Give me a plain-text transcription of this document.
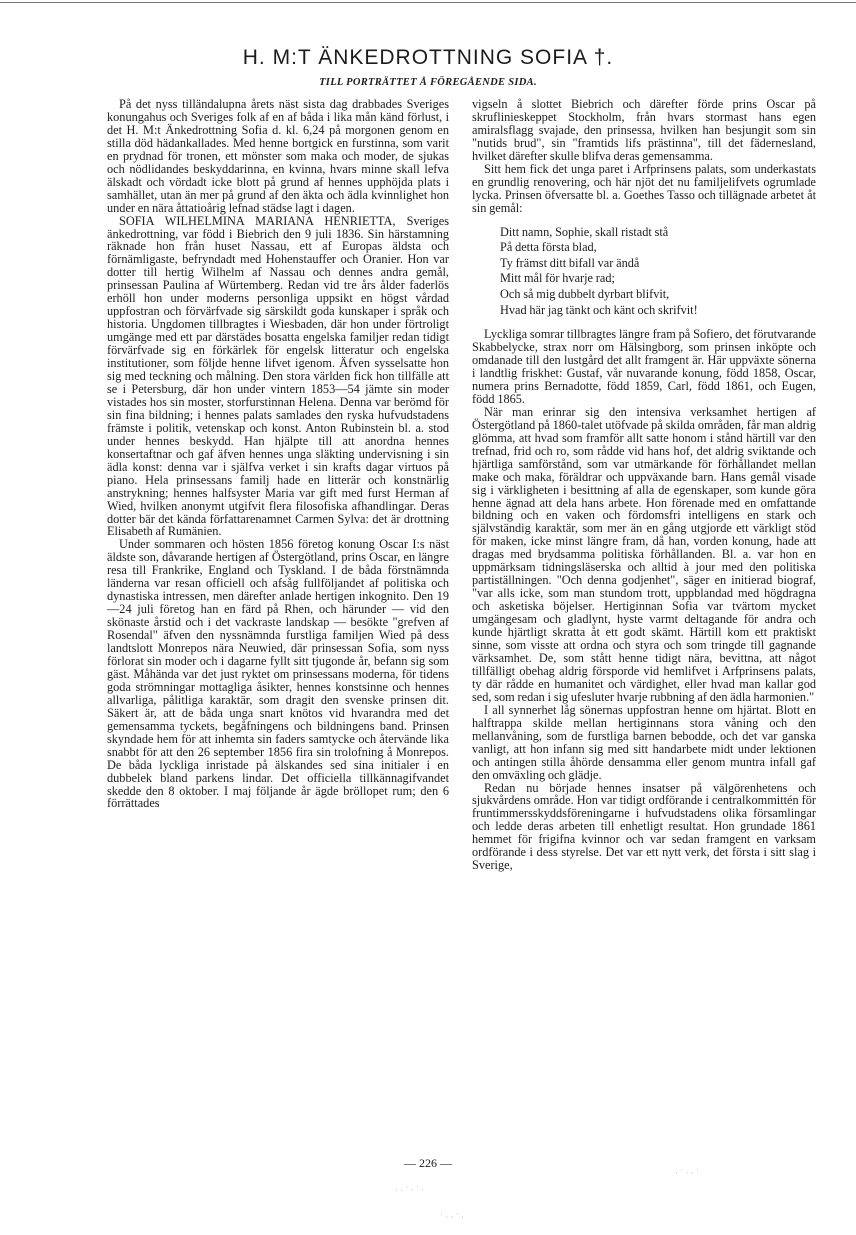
H. M:T ÄNKEDROTTNING SOFIA †.
TILL PORTRÄTTET Å FÖREGÅENDE SIDA.

På det nyss tilländalupna årets näst sista dag drabbades Sveriges konungahus och Sveriges folk af en af båda i lika mån känd förlust, i det H. M:t Änkedrottning Sofia d. kl. 6,24 på morgonen genom en stilla död hädankallades. Med henne bortgick en furstinna, som varit en prydnad för tronen, ett mönster som maka och moder, de sjukas och nödlidandes beskyddarinna, en kvinna, hvars minne skall lefva älskadt och vördadt icke blott på grund af hennes upphöjda plats i samhället, utan än mer på grund af den äkta och ädla kvinnlighet hon under en nära åttatioårig lefnad städse lagt i dagen.

SOFIA WILHELMINA MARIANA HENRIETTA, Sveriges änkedrottning, var född i Biebrich den 9 juli 1836. Sin härstamning räknade hon från huset Nassau, ett af Europas äldsta och förnämligaste, befryndadt med Hohenstauffer och Oranier. Hon var dotter till hertig Wilhelm af Nassau och dennes andra gemål, prinsessan Paulina af Würtemberg. Redan vid tre års ålder faderlös erhöll hon under moderns personliga uppsikt en högst vårdad uppfostran och förvärfvade sig särskildt goda kunskaper i språk och historia. Ungdomen tillbragtes i Wiesbaden, där hon under förtroligt umgänge med ett par därstädes bosatta engelska familjer redan tidigt förvärfvade sig en förkärlek för engelsk litteratur och engelska institutioner, som följde henne lifvet igenom. Äfven sysselsatte hon sig med teckning och målning. Den stora världen fick hon tillfälle att se i Petersburg, där hon under vintern 1853—54 jämte sin moder vistades hos sin moster, storfurstinnan Helena. Denna var berömd för sin fina bildning; i hennes palats samlades den ryska hufvudstadens främste i politik, vetenskap och konst. Anton Rubinstein bl. a. stod under hennes beskydd. Han hjälpte till att anordna hennes konsertaftnar och gaf äfven hennes unga släkting undervisning i sin ädla konst: denna var i själfva verket i sin krafts dagar virtuos på piano. Hela prinsessans familj hade en litterär och konstnärlig anstrykning; hennes halfsyster Maria var gift med furst Herman af Wied, hvilken anonymt utgifvit flera filosofiska afhandlingar. Deras dotter bär det kända författarenamnet Carmen Sylva: det är drottning Elisabeth af Rumänien.

Under sommaren och hösten 1856 företog konung Oscar I:s näst äldste son, dåvarande hertigen af Östergötland, prins Oscar, en längre resa till Frankrike, England och Tyskland. I de båda förstnämnda länderna var resan officiell och afsåg fullföljandet af politiska och dynastiska intressen, men därefter anlade hertigen inkognito. Den 19—24 juli företog han en färd på Rhen, och härunder — vid den skönaste årstid och i det vackraste landskap — besökte "grefven af Rosendal" äfven den nyssnämnda furstliga familjen Wied på dess landtslott Monrepos nära Neuwied, där prinsessan Sofia, som nyss förlorat sin moder och i dagarne fyllt sitt tjugonde år, befann sig som gäst. Måhända var det just ryktet om prinsessans moderna, för tidens goda strömningar mottagliga åsikter, hennes konstsinne och hennes allvarliga, pålitliga karaktär, som dragit den svenske prinsen dit. Säkert är, att de båda unga snart knötos vid hvarandra med det gemensamma tyckets, begåfningens och bildningens band. Prinsen skyndade hem för att inhemta sin faders samtycke och återvände lika snabbt för att den 26 september 1856 fira sin trolofning å Monrepos. De båda lyckliga inristade på älskandes sed sina initialer i en dubbelek bland parkens lindar. Det officiella tillkännagifvandet skedde den 8 oktober. I maj följande år ägde bröllopet rum; den 6 förrättades

vigseln å slottet Biebrich och därefter förde prins Oscar på skruflinieskeppet Stockholm, från hvars stormast hans egen amiralsflagg svajade, den prinsessa, hvilken han besjungit som sin "nutids brud", sin "framtids lifs prästinna", till det fädernesland, hvilket därefter skulle blifva deras gemensamma.

Sitt hem fick det unga paret i Arfprinsens palats, som underkastats en grundlig renovering, och här njöt det nu familjelifvets ogrumlade lycka. Prinsen öfversatte bl. a. Goethes Tasso och tillägnade arbetet åt sin gemål:

Ditt namn, Sophie, skall ristadt stå
På detta första blad,
Ty främst ditt bifall var ändå
Mitt mål för hvarje rad;
Och så mig dubbelt dyrbart blifvit,
Hvad här jag tänkt och känt och skrifvit!

Lyckliga somrar tillbragtes längre fram på Sofiero, det förutvarande Skabbelycke, strax norr om Hälsingborg, som prinsen inköpte och omdanade till den lustgård det allt framgent är. Här uppväxte sönerna i landtlig friskhet: Gustaf, vår nuvarande konung, född 1858, Oscar, numera prins Bernadotte, född 1859, Carl, född 1861, och Eugen, född 1865.

När man erinrar sig den intensiva verksamhet hertigen af Östergötland på 1860-talet utöfvade på skilda områden, får man aldrig glömma, att hvad som framför allt satte honom i stånd härtill var den trefnad, frid och ro, som rådde vid hans hof, det aldrig sviktande och hjärtliga samförstånd, som var utmärkande för förhållandet mellan make och maka, föräldrar och uppväxande barn. Hans gemål visade sig i värkligheten i besittning af alla de egenskaper, som kunde göra henne ägnad att dela hans arbete. Hon förenade med en omfattande bildning och en vaken och fördomsfri intelligens en stark och självständig karaktär, som mer än en gång utgjorde ett värkligt stöd för maken, icke minst längre fram, då han, vorden konung, hade att dragas med brydsamma politiska förhållanden. Bl. a. var hon en uppmärksam tidningsläserska och alltid à jour med den politiska partiställningen. "Och denna godjenhet", säger en initierad biograf, "var alls icke, som man stundom trott, uppblandad med högdragna och asketiska böjelser. Hertiginnan Sofia var tvärtom mycket umgängesam och gladlynt, hyste varmt deltagande för andra och kunde hjärtligt skratta åt ett godt skämt. Härtill kom ett praktiskt sinne, som visste att ordna och styra och som tringde till gagnande värksamhet. De, som stått henne tidigt nära, bevittna, att något tillfälligt obehag aldrig försporde vid hemlifvet i Arfprinsens palats, ty där rådde en humanitet och värdighet, eller hvad man kallar god sed, som redan i sig ufesluter hvarje rubbning af den ädla harmonien."

I all synnerhet låg sönernas uppfostran henne om hjärtat. Blott en halftrappa skilde mellan hertiginnans stora våning och den mellanvåning, som de furstliga barnen bebodde, och det var ganska vanligt, att hon infann sig med sitt handarbete midt under lektionen och antingen stilla åhörde densamma eller genom muntra infall gaf den omväxling och glädje.

Redan nu började hennes insatser på välgörenhetens och sjukvårdens område. Hon var tidigt ordförande i centralkommittén för fruntimmersskyddsföreningarne i hufvudstadens olika församlingar och ledde deras arbeten till enhetligt resultat. Hon grundade 1861 hemmet för frigifna kvinnor och var sedan framgent en varksam ordförande i dess styrelse. Det var ett nytt verk, det första i sitt slag i Sverige,

— 226 —
· · ˙ · ˙ ·
˙ · · ˙ ·
· ˙ · · ˙
